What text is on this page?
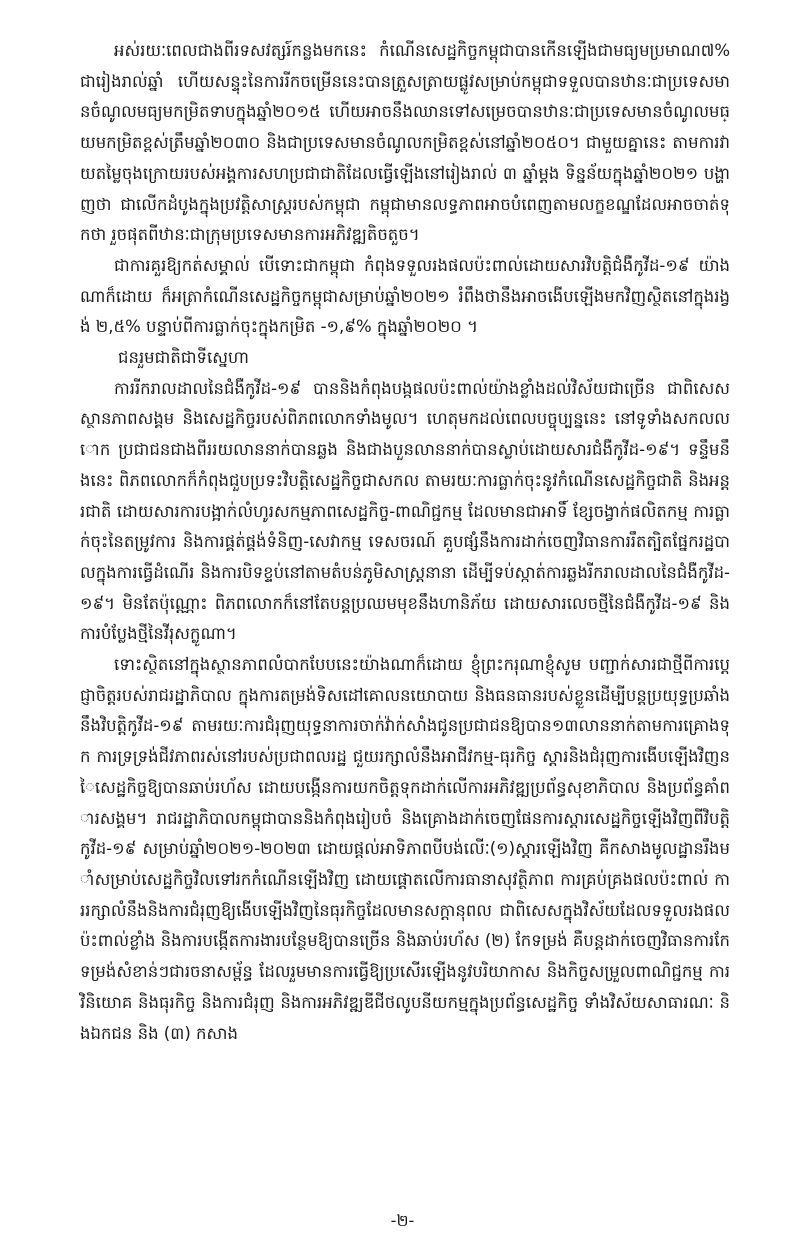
អស់រយៈពេលជាងពីរទសវត្សរ៍កន្លងមកនេះ កំណើនសេដ្ឋកិច្ចកម្ពុជាបានកើនឡើងជាមធ្យមប្រមាណ៧% ជារៀងរាល់ឆ្នាំ ហើយសន្ទុះនៃការរីកចម្រើននេះបានត្រួសត្រាយផ្លូវសម្រាប់កម្ពុជាទទួលបានឋានៈជាប្រទេសមានចំណូលមធ្យមកម្រិតទាបក្នុងឆ្នាំ២០១៥ ហើយអាចនឹងឈានទៅសម្រេចបានឋានៈជាប្រទេសមានចំណូលមធ្យមកម្រិតខ្ពស់ត្រឹមឆ្នាំ២០៣០ និងជាប្រទេសមានចំណូលកម្រិតខ្ពស់នៅឆ្នាំ២០៥០។ ជាមួយគ្នានេះ តាមការវាយតម្លៃចុងក្រោយរបស់អង្គការសហប្រជាជាតិដែលធ្វើឡើងនៅរៀងរាល់ ៣ ឆ្នាំម្តង ទិន្នន័យក្នុងឆ្នាំ២០២១ បង្ហាញថា ជាលើកដំបូងក្នុងប្រវត្តិសាស្ត្ររបស់កម្ពុជា កម្ពុជាមានលទ្ធភាពអាចបំពេញតាមលក្ខខណ្ឌដែលអាចចាត់ទុកថា រួចផុតពីឋានៈជាក្រុមប្រទេសមានការអភិវឌ្ឍតិចតួច។

ជាការគួរឱ្យកត់សម្គាល់ បើទោះជាកម្ពុជា កំពុងទទួលរងផលប៉ះពាល់ដោយសារវិបត្តិជំងឺកូវីដ-១៩ យ៉ាងណាក៏ដោយ ក៏អត្រាកំណើនសេដ្ឋកិច្ចកម្ពុជាសម្រាប់ឆ្នាំ២០២១ រំពឹងថានឹងអាចងើបឡើងមកវិញស្ថិតនៅក្នុងរង្វង់ ២,៥% បន្ទាប់ពីការធ្លាក់ចុះក្នុងកម្រិត -១,៩% ក្នុងឆ្នាំ២០២០ ។

ជនរួមជាតិជាទីស្នេហា

ការរីករាលដាលនៃជំងឺកូវីដ-១៩ បាននិងកំពុងបង្កផលប៉ះពាល់យ៉ាងខ្លាំងដល់វិស័យជាច្រើន ជាពិសេសស្ថានភាពសង្គម និងសេដ្ឋកិច្ចរបស់ពិភពលោកទាំងមូល។ ហេតុមកដល់ពេលបច្ចុប្បន្ននេះ នៅទូទាំងសកលលោក ប្រជាជនជាងពីររយលាននាក់បានឆ្លង និងជាងបួនលាននាក់បានស្លាប់ដោយសារជំងឺកូវីដ-១៩។ ទន្ទឹមនឹងនេះ ពិភពលោកក៏កំពុងជួបប្រទះវិបត្តិសេដ្ឋកិច្ចជាសកល តាមរយៈការធ្លាក់ចុះនូវកំណើនសេដ្ឋកិច្ចជាតិ និងអន្តរជាតិ ដោយសារការបង្អាក់លំហូរសកម្មភាពសេដ្ឋកិច្ច-ពាណិជ្ជកម្ម ដែលមានជាអាទិ៍ ខ្សែចង្វាក់ផលិតកម្ម ការធ្លាក់ចុះនៃតម្រូវការ និងការផ្គត់ផ្គង់ទំនិញ-សេវាកម្ម ទេសចរណ៍ គួបផ្សំនឹងការដាក់ចេញវិធានការរឹតត្បិតផ្នែករដ្ឋបាលក្នុងការធ្វើដំណើរ និងការបិទខ្ទប់នៅតាមតំបន់ភូមិសាស្ត្រនានា ដើម្បីទប់ស្កាត់ការឆ្លងរីករាលដាលនៃជំងឺកូវីដ-១៩។ មិនតែប៉ុណ្ណោះ ពិភពលោកក៏នៅតែបន្តប្រឈមមុខនឹងហានិភ័យ ដោយសារលេចថ្មីនៃជំងឺកូវីដ-១៩ និងការបំប្លែងថ្មីនៃវីរុសក្លូណា។

ទោះស្ថិតនៅក្នុងស្ថានភាពលំបាកបែបនេះយ៉ាងណាក៏ដោយ ខ្ញុំព្រះករុណាខ្ញុំសូម បញ្ជាក់សារជាថ្មីពីការប្តេជ្ញាចិត្តរបស់រាជរដ្ឋាភិបាល ក្នុងការតម្រង់ទិសដៅគោលនយោបាយ និងធនធានរបស់ខ្លួនដើម្បីបន្តប្រយុទ្ធប្រឆាំងនឹងវិបត្តិកូវីដ-១៩ តាមរយៈការជំរុញយុទ្ធនាការចាក់វ៉ាក់សាំងជូនប្រជាជនឱ្យបាន១៣លាននាក់តាមការគ្រោងទុក ការទ្រទ្រង់ជីវភាពរស់នៅរបស់ប្រជាពលរដ្ឋ ជួយរក្សាលំនឹងអាជីវកម្ម-ធុរកិច្ច ស្តារនិងជំរុញការងើបឡើងវិញនៃសេដ្ឋកិច្ចឱ្យបានឆាប់រហ័ស ដោយបង្កើនការយកចិត្តទុកដាក់លើការអភិវឌ្ឍប្រព័ន្ធសុខាភិបាល និងប្រព័ន្ធគាំពារសង្គម។ រាជរដ្ឋាភិបាលកម្ពុជាបាននិងកំពុងរៀបចំ និងគ្រោងដាក់ចេញផែនការស្តារសេដ្ឋកិច្ចឡើងវិញពីវិបត្តិកូវីដ-១៩ សម្រាប់ឆ្នាំ២០២១-២០២៣ ដោយផ្តល់អាទិភាពបីបង់លើៈ(១)ស្តារឡើងវិញ គឺកសាងមូលដ្ឋានរឹងមាំសម្រាប់សេដ្ឋកិច្ចវិលទៅរកកំណើនឡើងវិញ ដោយផ្តោតលើការធានាសុវត្ថិភាព ការគ្រប់គ្រងផលប៉ះពាល់ ការរក្សាលំនឹងនិងការជំរុញឱ្យងើបឡើងវិញនៃធុរកិច្ចដែលមានសក្តានុពល ជាពិសេសក្នុងវិស័យដែលទទួលរងផលប៉ះពាល់ខ្លាំង និងការបង្កើតការងារបន្ថែមឱ្យបានច្រើន និងឆាប់រហ័ស (២) កែទម្រង់ គឺបន្តដាក់ចេញវិធានការកែទម្រង់សំខាន់ៗជារចនាសម្ព័ន្ធ ដែលរួមមានការធ្វើឱ្យប្រសើរឡើងនូវបរិយាកាស និងកិច្ចសម្រួលពាណិជ្ជកម្ម ការវិនិយោគ និងធុរកិច្ច និងការជំរុញ និងការអភិវឌ្ឍឌីជីថលូបនីយកម្មក្នុងប្រព័ន្ធសេដ្ឋកិច្ច ទាំងវិស័យសាធារណៈ និងឯកជន និង (៣) កសាង

-២-
